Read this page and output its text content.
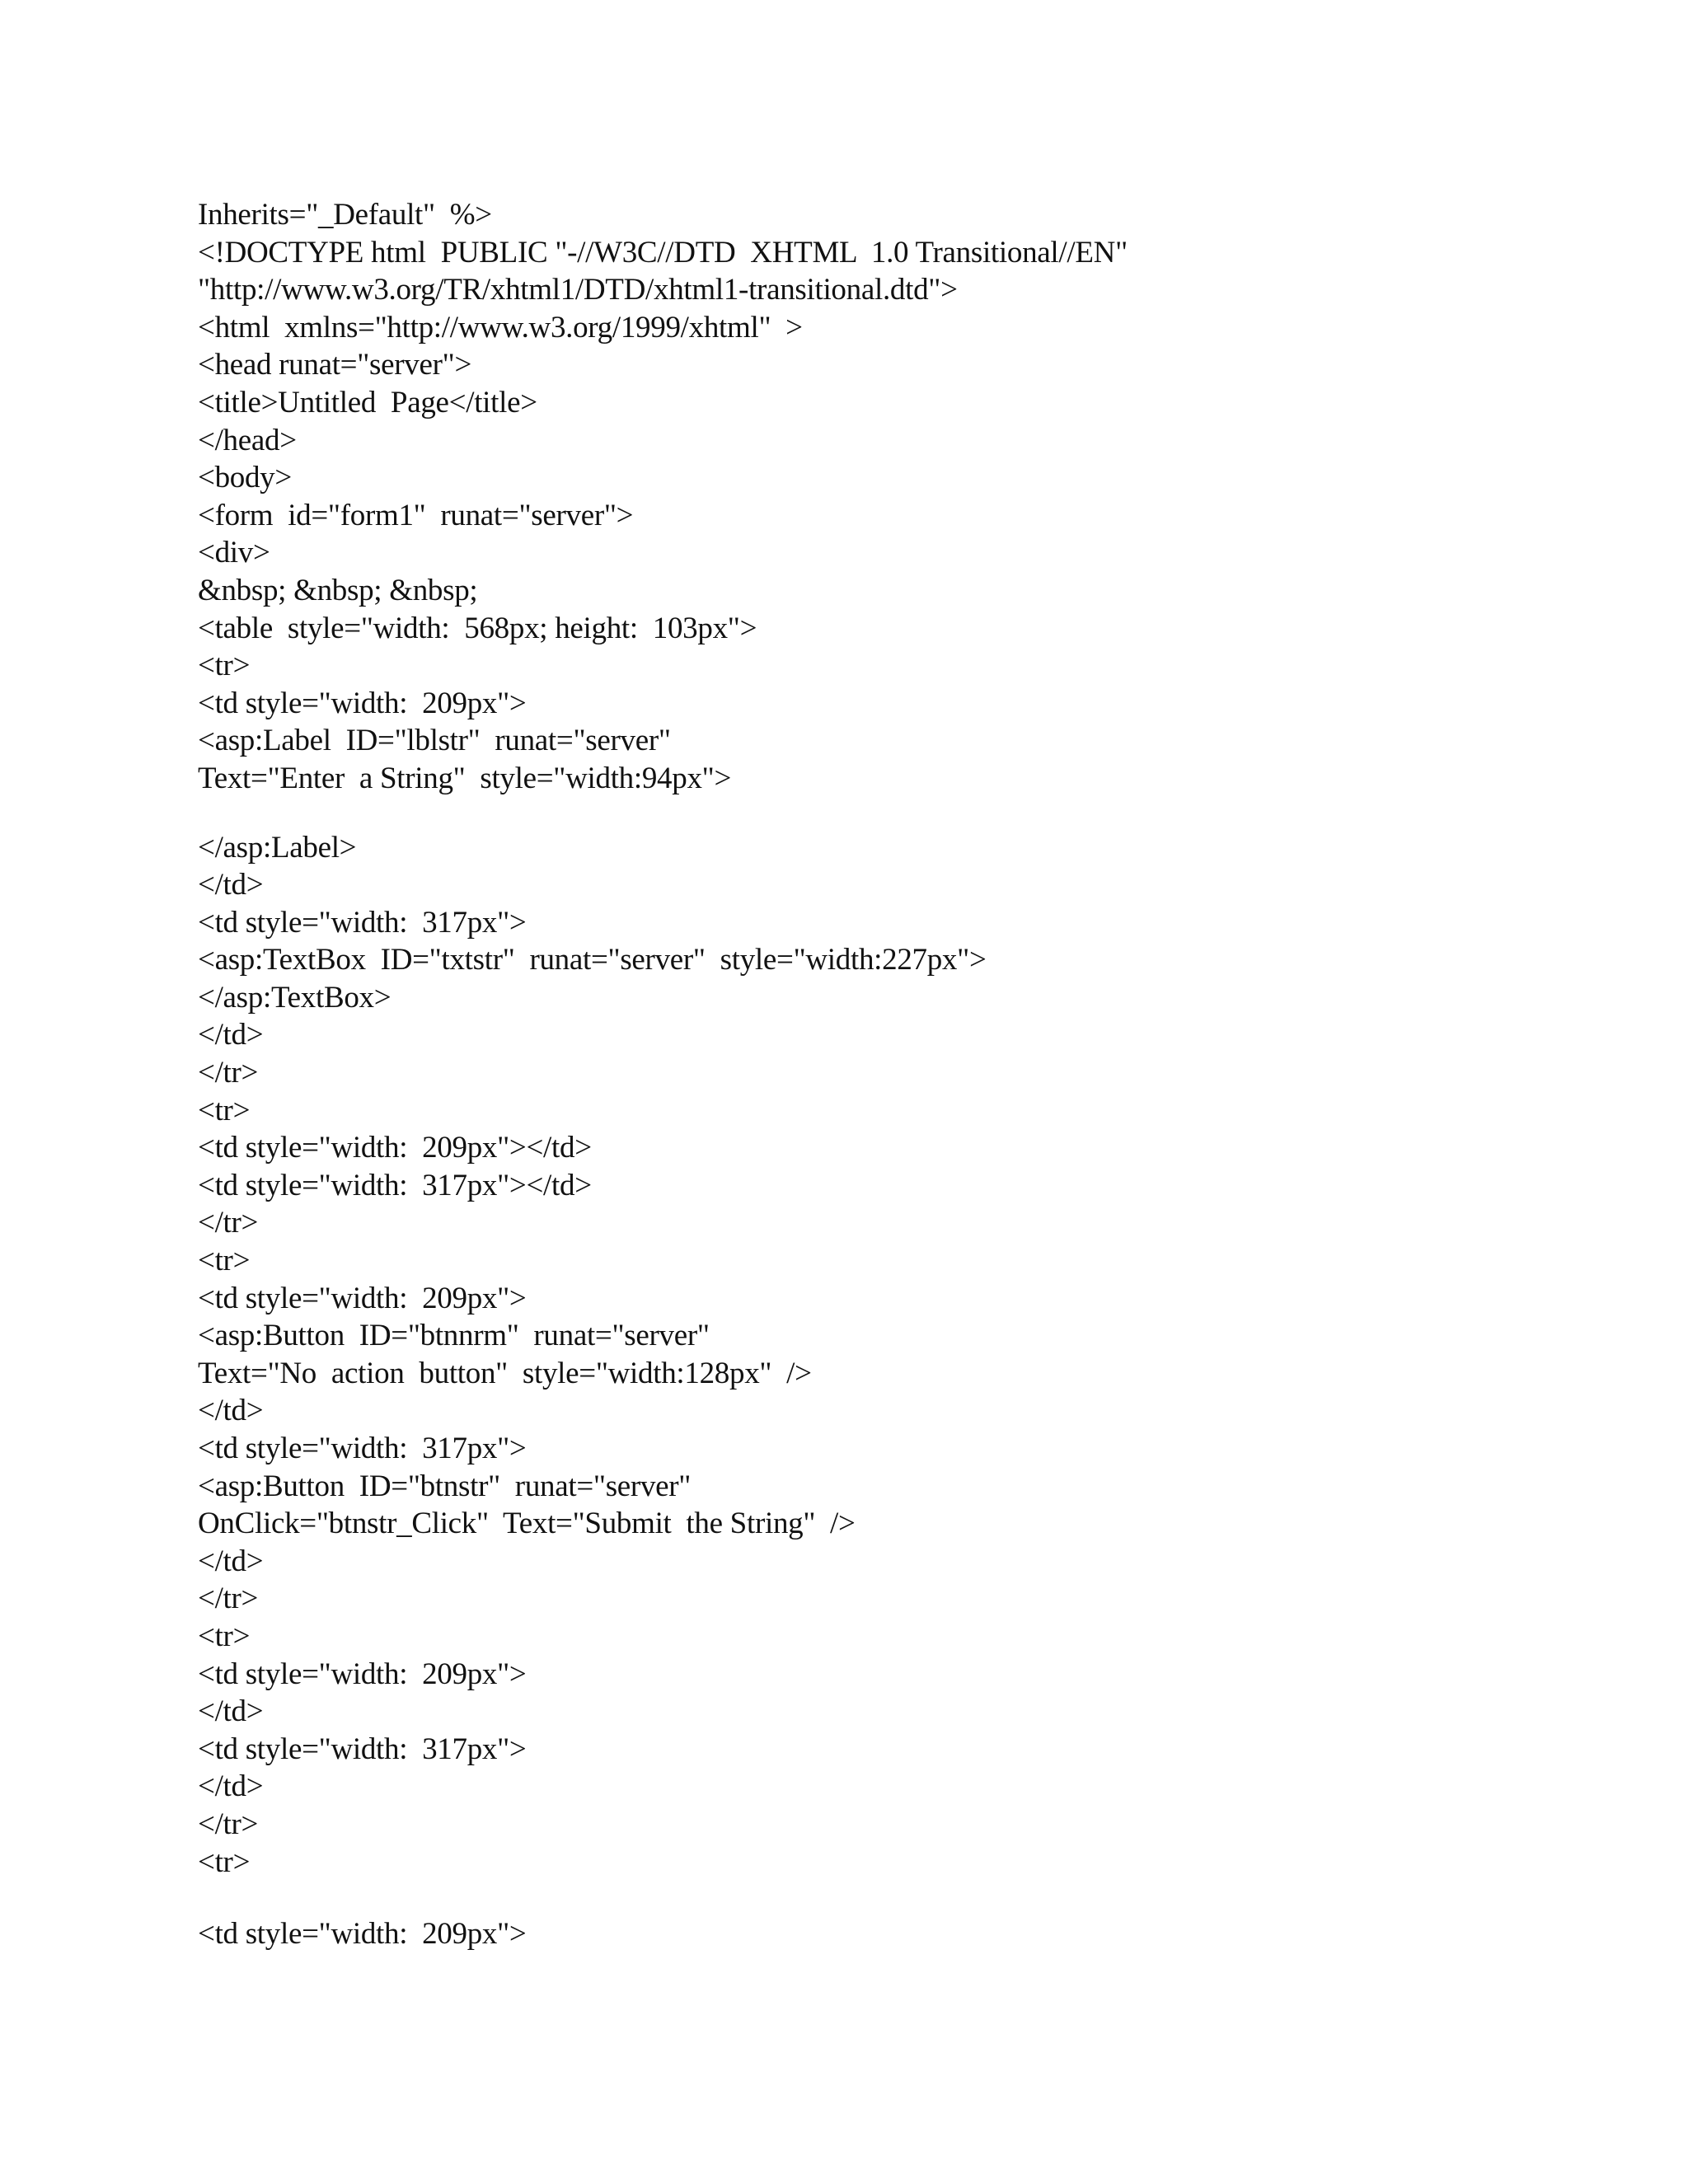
Inherits="_Default"  %>
<!DOCTYPE html  PUBLIC "-//W3C//DTD  XHTML  1.0 Transitional//EN"
"http://www.w3.org/TR/xhtml1/DTD/xhtml1-transitional.dtd">
<html  xmlns="http://www.w3.org/1999/xhtml"  >
<head runat="server">
<title>Untitled  Page</title>
</head>
<body>
<form  id="form1"  runat="server">
<div>
&nbsp; &nbsp; &nbsp;
<table  style="width:  568px; height:  103px">
<tr>
<td style="width:  209px">
<asp:Label  ID="lblstr"  runat="server"
Text="Enter  a String"  style="width:94px">
</asp:Label>
</td>
<td style="width:  317px">
<asp:TextBox  ID="txtstr"  runat="server"  style="width:227px">
</asp:TextBox>
</td>
</tr>
<tr>
<td style="width:  209px"></td>
<td style="width:  317px"></td>
</tr>
<tr>
<td style="width:  209px">
<asp:Button  ID="btnnrm"  runat="server"
Text="No  action  button"  style="width:128px"  />
</td>
<td style="width:  317px">
<asp:Button  ID="btnstr"  runat="server"
OnClick="btnstr_Click"  Text="Submit  the String"  />
</td>
</tr>
<tr>
<td style="width:  209px">
</td>
<td style="width:  317px">
</td>
</tr>
<tr>
<td style="width:  209px">
